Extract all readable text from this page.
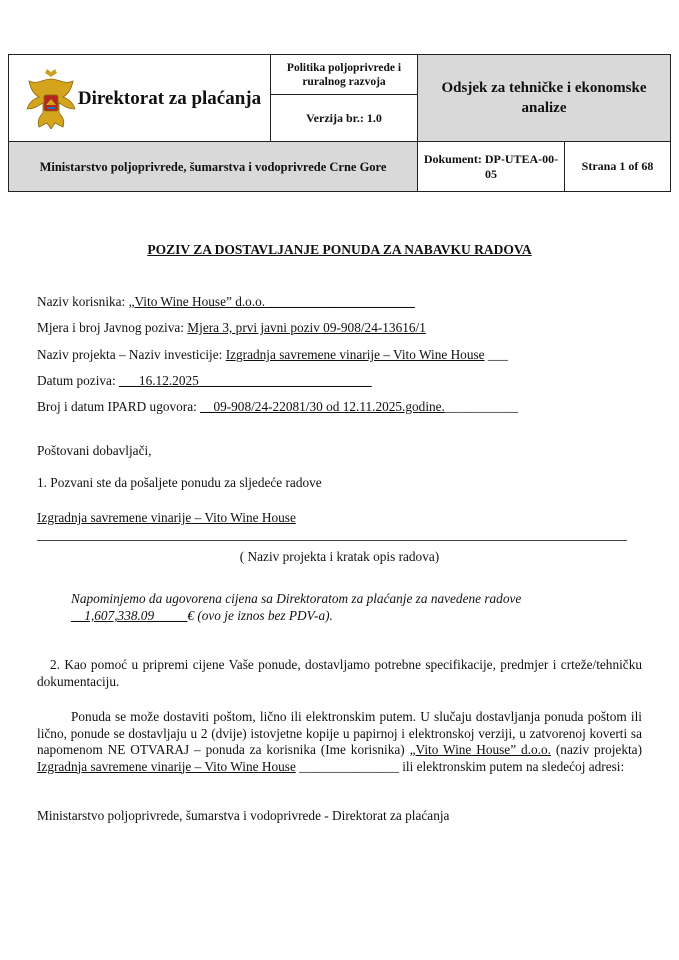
Direktorat za plaćanja	Politika poljoprivrede i ruralnog razvoja	Odsjek za tehničke i ekonomske analize	
	Verzija br.: 1.0		
Ministarstvo poljoprivrede, šumarstva i vodoprivrede Crne Gore		Dokument: DP-UTEA-00-05	Strana 1 of 68
POZIV ZA DOSTAVLJANJE PONUDA ZA NABAVKU RADOVA
Naziv korisnika: „Vito Wine House” d.o.o. ______________________
Mjera i broj Javnog poziva: Mjera 3, prvi javni poziv 09-908/24-13616/1
Naziv projekta – Naziv investicije: Izgradnja savremene vinarije – Vito Wine House ___
Datum poziva: ___16.12.2025__________________________
Broj i datum IPARD ugovora: __09-908/24-22081/30 od 12.11.2025.godine.___________
Poštovani dobavljači,
1. Pozvani ste da pošaljete ponudu za sljedeće radove
Izgradnja savremene vinarije – Vito Wine House
( Naziv projekta i kratak opis radova)
Napominjemo da ugovorena cijena sa Direktoratom za plaćanje za navedene radove
__1,607,338.09_____€ (ovo je iznos bez PDV-a).
2. Kao pomoć u pripremi cijene Vaše ponude, dostavljamo potrebne specifikacije, predmjer i crteže/tehničku dokumentaciju.
Ponuda se može dostaviti poštom, lično ili elektronskim putem. U slučaju dostavljanja ponuda poštom ili lično, ponude se dostavljaju u 2 (dvije) istovjetne kopije u papirnoj i elektronskoj verziji, u zatvorenoj koverti sa napomenom NE OTVARAJ – ponuda za korisnika (Ime korisnika) „Vito Wine House” d.o.o. (naziv projekta) Izgradnja savremene vinarije – Vito Wine House _______________ ili elektronskim putem na sledećoj adresi:
Ministarstvo poljoprivrede, šumarstva i vodoprivrede - Direktorat za plaćanja
